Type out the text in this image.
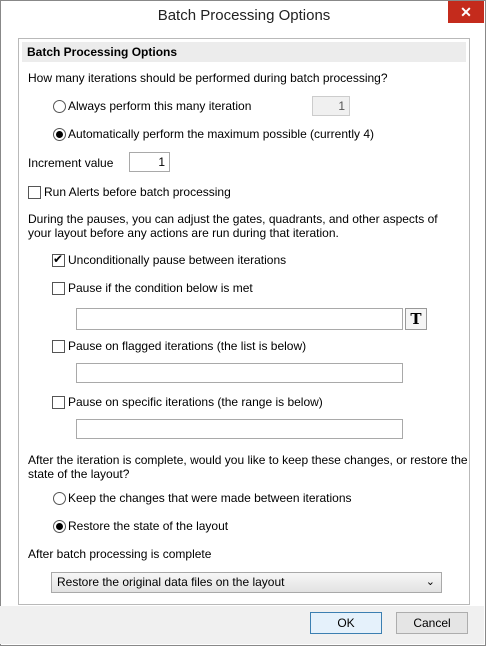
Batch Processing Options	✕
Batch Processing Options
How many iterations should be performed during batch processing?
Always perform this many iteration	1
Automatically perform the maximum possible (currently 4)
Increment value	1
Run Alerts before batch processing
During the pauses, you can adjust the gates, quadrants, and other aspects of
your layout before any actions are run during that iteration.
✔
Unconditionally pause between iterations
Pause if the condition below is met
T
Pause on flagged iterations (the list is below)
Pause on specific iterations (the range is below)
After the iteration is complete, would you like to keep these changes, or restore the
state of the layout?
Keep the changes that were made between iterations
Restore the state of the layout
After batch processing is complete
Restore the original data files on the layout	⌄
OK	Cancel
